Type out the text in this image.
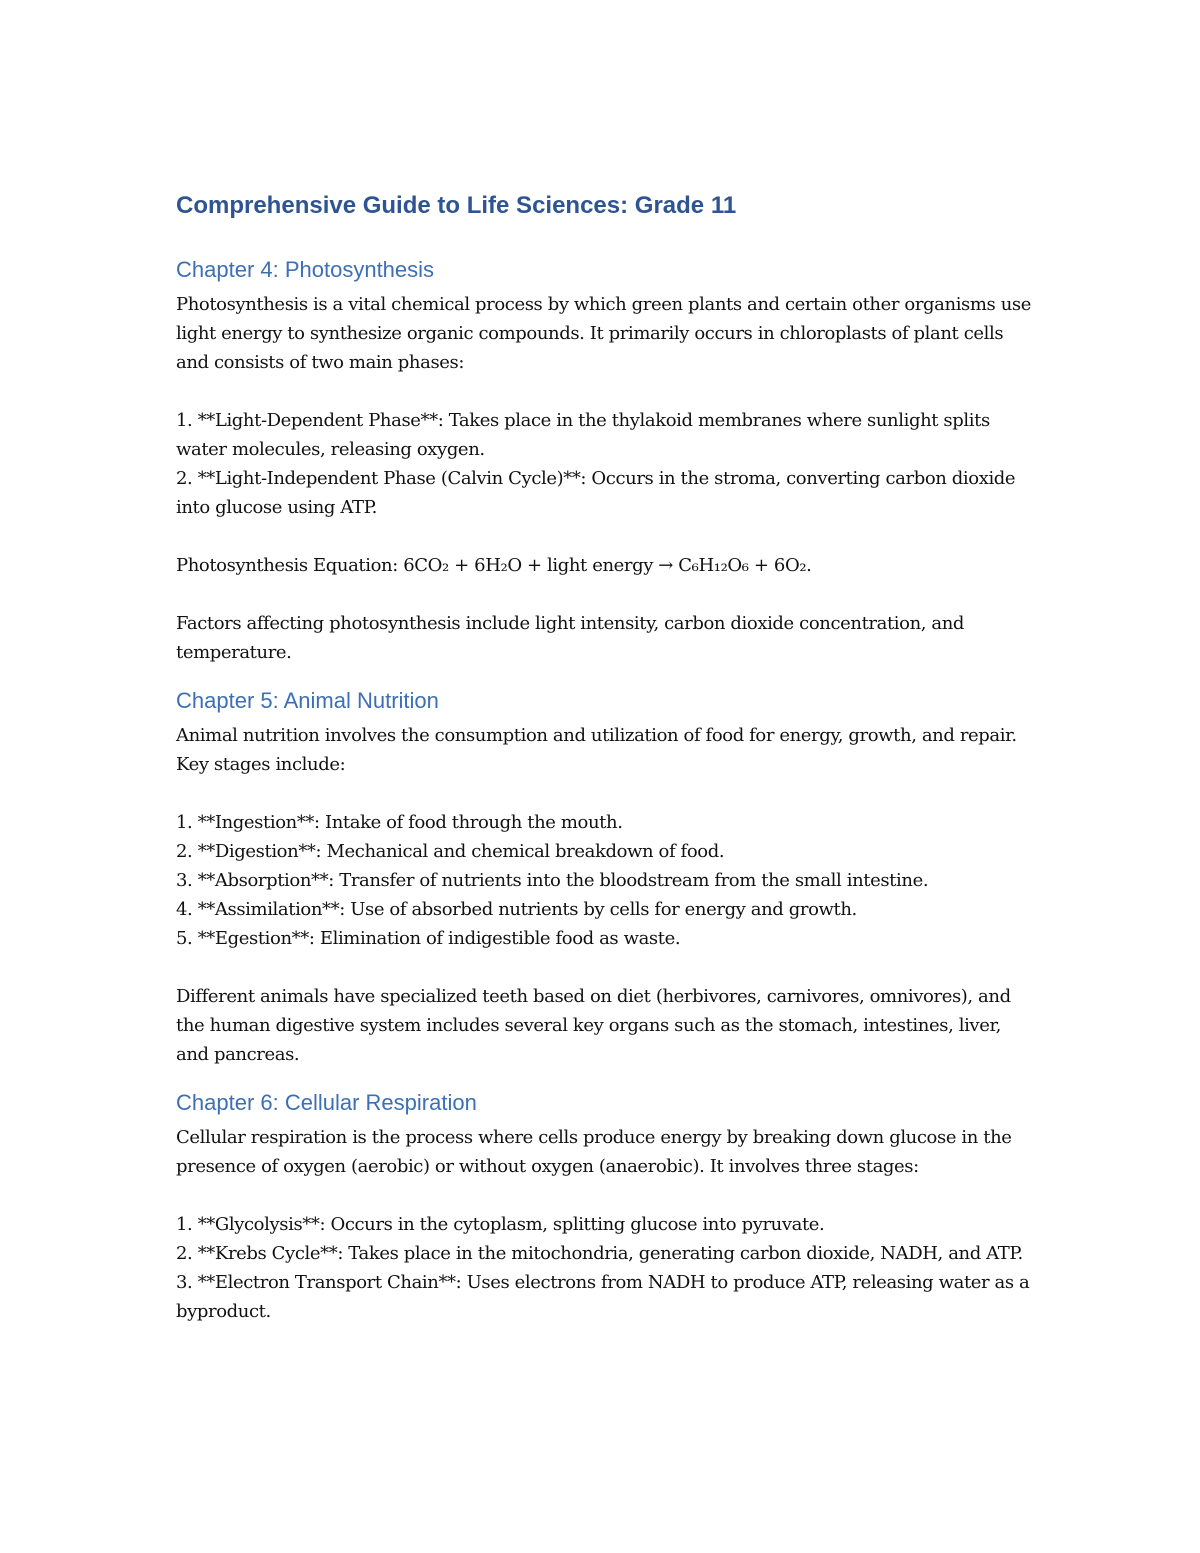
Comprehensive Guide to Life Sciences: Grade 11
Chapter 4: Photosynthesis

Photosynthesis is a vital chemical process by which green plants and certain other organisms use light energy to synthesize organic compounds. It primarily occurs in chloroplasts of plant cells and consists of two main phases:

1. **Light-Dependent Phase**: Takes place in the thylakoid membranes where sunlight splits water molecules, releasing oxygen.

2. **Light-Independent Phase (Calvin Cycle)**: Occurs in the stroma, converting carbon dioxide into glucose using ATP.

Photosynthesis Equation: 6CO₂ + 6H₂O + light energy → C₆H₁₂O₆ + 6O₂.

Factors affecting photosynthesis include light intensity, carbon dioxide concentration, and temperature.

Chapter 5: Animal Nutrition

Animal nutrition involves the consumption and utilization of food for energy, growth, and repair. Key stages include:

1. **Ingestion**: Intake of food through the mouth.

2. **Digestion**: Mechanical and chemical breakdown of food.

3. **Absorption**: Transfer of nutrients into the bloodstream from the small intestine.

4. **Assimilation**: Use of absorbed nutrients by cells for energy and growth.

5. **Egestion**: Elimination of indigestible food as waste.

Different animals have specialized teeth based on diet (herbivores, carnivores, omnivores), and the human digestive system includes several key organs such as the stomach, intestines, liver, and pancreas.

Chapter 6: Cellular Respiration

Cellular respiration is the process where cells produce energy by breaking down glucose in the presence of oxygen (aerobic) or without oxygen (anaerobic). It involves three stages:

1. **Glycolysis**: Occurs in the cytoplasm, splitting glucose into pyruvate.

2. **Krebs Cycle**: Takes place in the mitochondria, generating carbon dioxide, NADH, and ATP.

3. **Electron Transport Chain**: Uses electrons from NADH to produce ATP, releasing water as a byproduct.
